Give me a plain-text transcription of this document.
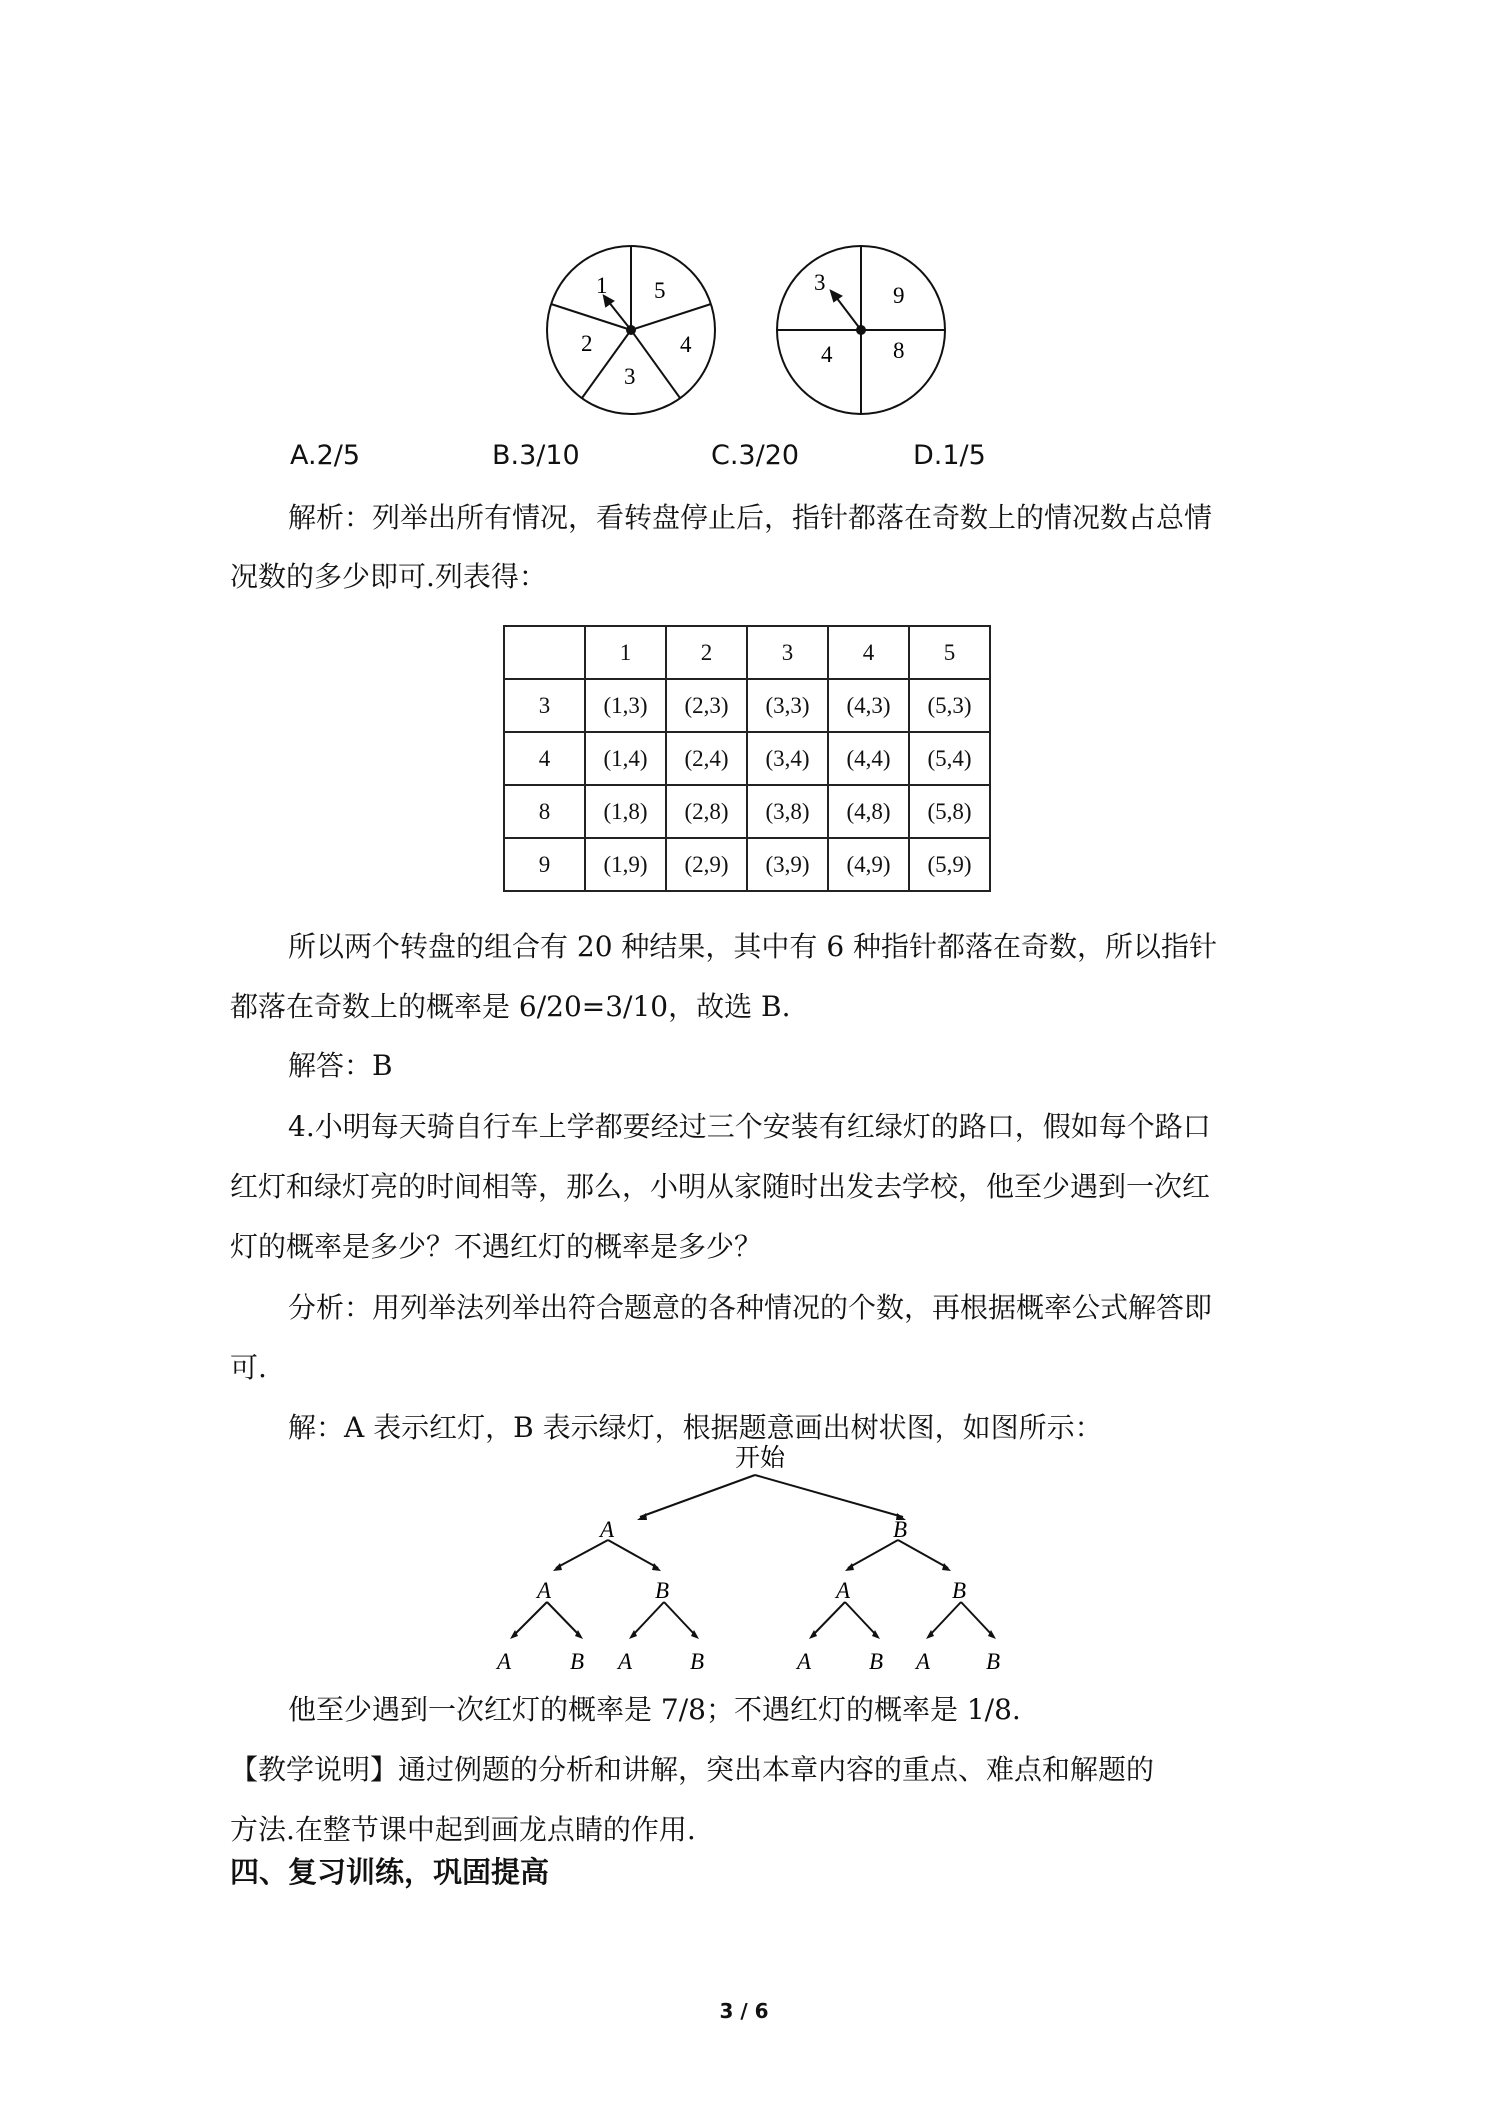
1 5
4
3
2
3
9
8
4
A.2/5	B.3/10	C.3/20	D.1/5
解析：列举出所有情况，看转盘停止后，指针都落在奇数上的情况数占总情
况数的多少即可.列表得：
	1	2	3	4	5
3	(1,3)	(2,3)	(3,3)	(4,3)	(5,3)
4	(1,4)	(2,4)	(3,4)	(4,4)	(5,4)
8	(1,8)	(2,8)	(3,8)	(4,8)	(5,8)
9	(1,9)	(2,9)	(3,9)	(4,9)	(5,9)
所以两个转盘的组合有 20 种结果，其中有 6 种指针都落在奇数，所以指针
都落在奇数上的概率是 6/20=3/10，故选 B.
解答：B
4.小明每天骑自行车上学都要经过三个安装有红绿灯的路口，假如每个路口
红灯和绿灯亮的时间相等，那么，小明从家随时出发去学校，他至少遇到一次红
灯的概率是多少？不遇红灯的概率是多少？
分析：用列举法列举出符合题意的各种情况的个数，再根据概率公式解答即
可.
解：A 表示红灯，B 表示绿灯，根据题意画出树状图，如图所示：
开始
A	B
A	B	A	B
A	B A	B	A	B A B
他至少遇到一次红灯的概率是 7/8；不遇红灯的概率是 1/8.
【教学说明】通过例题的分析和讲解，突出本章内容的重点、难点和解题的
方法.在整节课中起到画龙点睛的作用.
四、复习训练，巩固提高
3 / 6
